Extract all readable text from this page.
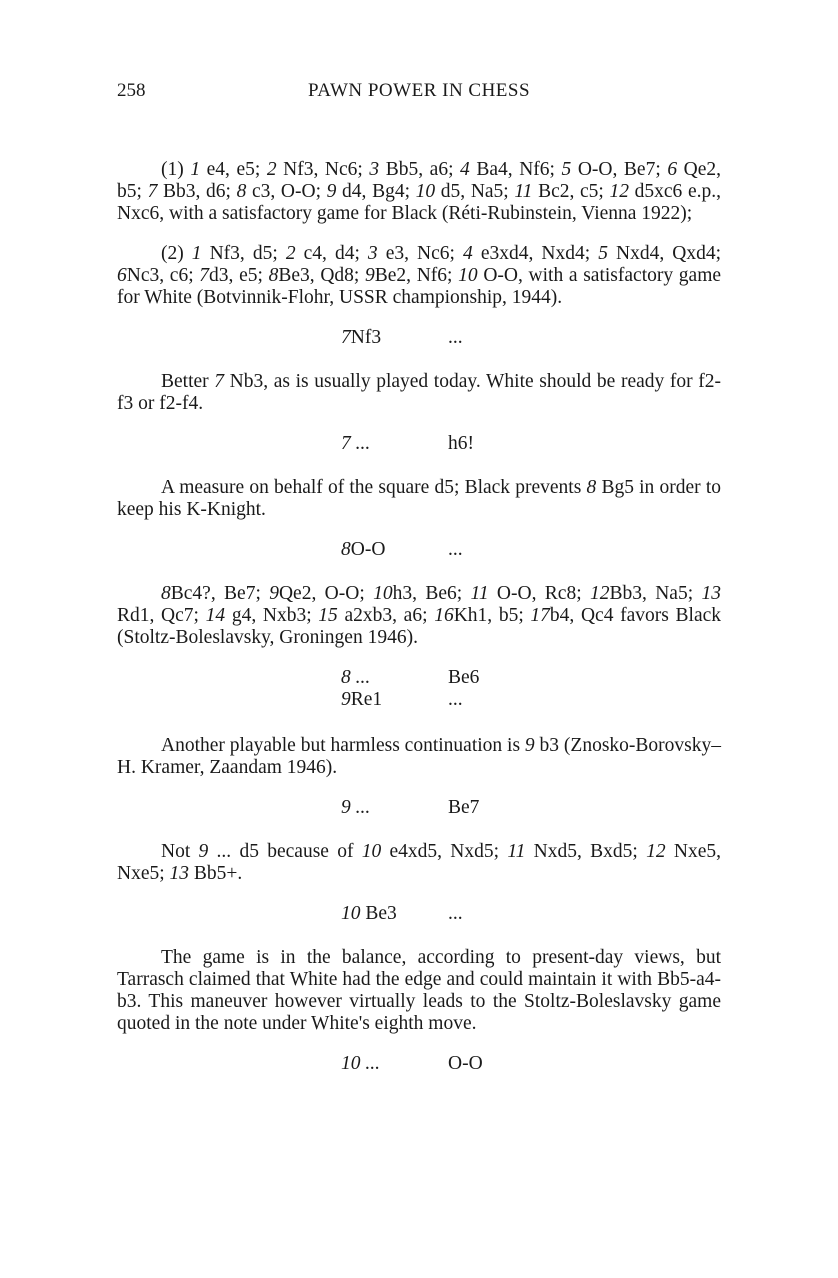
258	PAWN POWER IN CHESS

(1) 1 e4, e5; 2 Nf3, Nc6; 3 Bb5, a6; 4 Ba4, Nf6; 5 O-O, Be7; 6 Qe2, b5; 7 Bb3, d6; 8 c3, O-O; 9 d4, Bg4; 10 d5, Na5; 11 Bc2, c5; 12 d5xc6 e.p., Nxc6, with a satisfactory game for Black (Réti-Rubinstein, Vienna 1922);

(2) 1 Nf3, d5; 2 c4, d4; 3 e3, Nc6; 4 e3xd4, Nxd4; 5 Nxd4, Qxd4; 6Nc3, c6; 7d3, e5; 8Be3, Qd8; 9Be2, Nf6; 10 O-O, with a satisfactory game for White (Botvinnik-Flohr, USSR championship, 1944).

7Nf3	...

Better 7 Nb3, as is usually played today. White should be ready for f2-f3 or f2-f4.

7 ...	h6!

A measure on behalf of the square d5; Black prevents 8 Bg5 in order to keep his K-Knight.

8O-O	...

8Bc4?, Be7; 9Qe2, O-O; 10h3, Be6; 11 O-O, Rc8; 12Bb3, Na5; 13 Rd1, Qc7; 14 g4, Nxb3; 15 a2xb3, a6; 16Kh1, b5; 17b4, Qc4 favors Black (Stoltz-Boleslavsky, Groningen 1946).

8 ...	Be6
9Re1	...

Another playable but harmless continuation is 9 b3 (Znosko-Borovsky–H. Kramer, Zaandam 1946).

9 ...	Be7

Not 9 ... d5 because of 10 e4xd5, Nxd5; 11 Nxd5, Bxd5; 12 Nxe5, Nxe5; 13 Bb5+.

10 Be3	...

The game is in the balance, according to present-day views, but Tarrasch claimed that White had the edge and could maintain it with Bb5-a4-b3. This maneuver however virtually leads to the Stoltz-Boleslavsky game quoted in the note under White's eighth move.

10 ...	O-O
